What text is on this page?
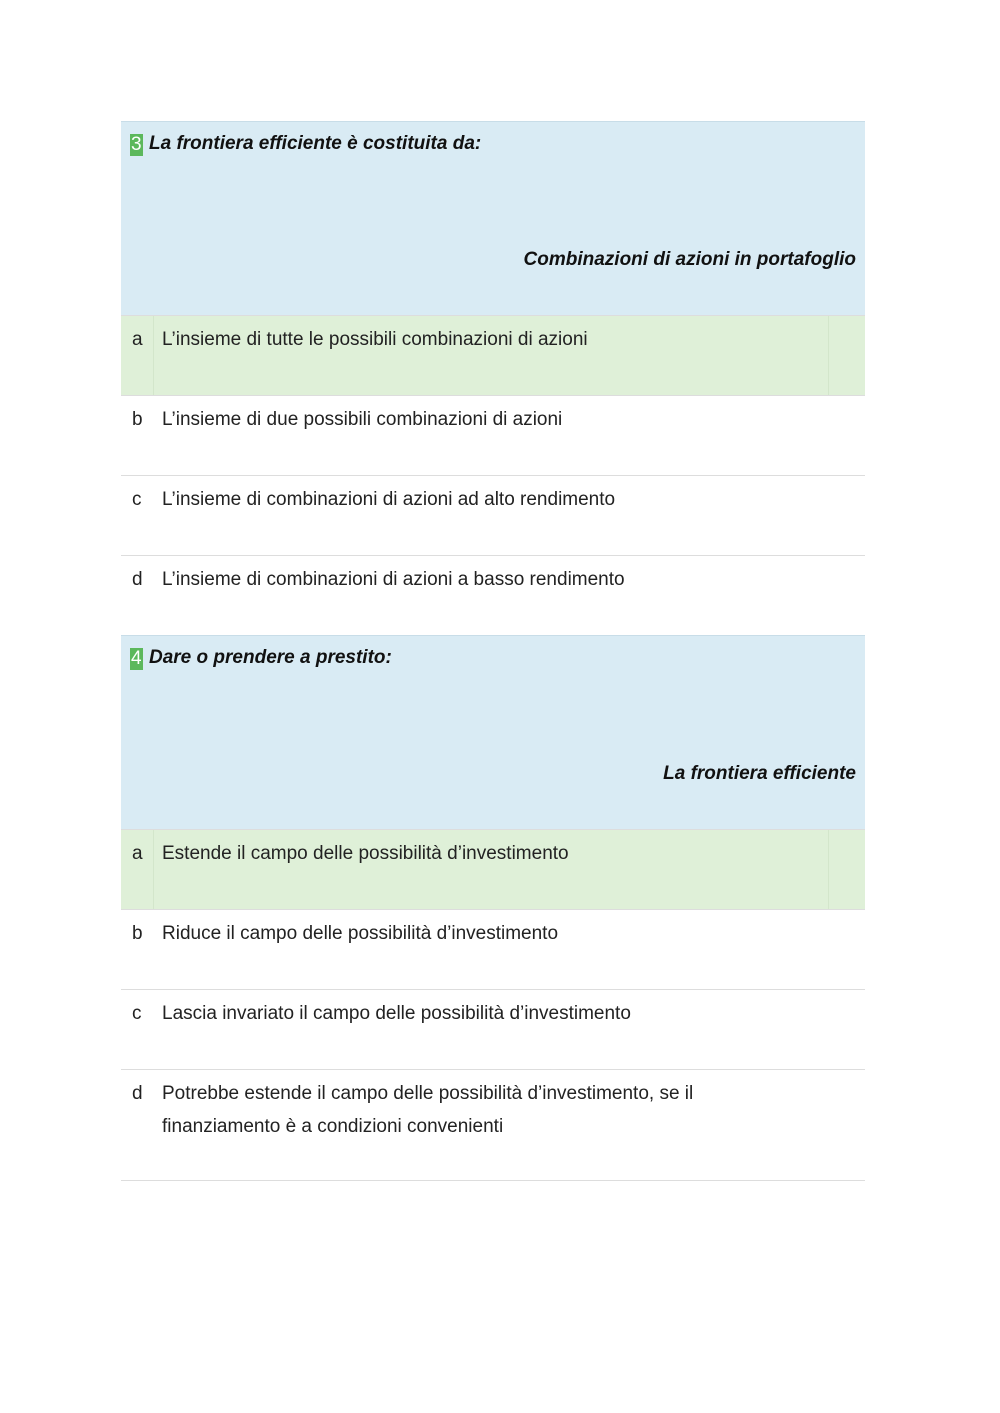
3 La frontiera efficiente è costituita da:
Combinazioni di azioni in portafoglio
a L’insieme di tutte le possibili combinazioni di azioni
b L’insieme di due possibili combinazioni di azioni
c L’insieme di combinazioni di azioni ad alto rendimento
d L’insieme di combinazioni di azioni a basso rendimento
4 Dare o prendere a prestito:
La frontiera efficiente
a Estende il campo delle possibilità d’investimento
b Riduce il campo delle possibilità d’investimento
c Lascia invariato il campo delle possibilità d’investimento
d Potrebbe estende il campo delle possibilità d’investimento, se il finanziamento è a condizioni convenienti
